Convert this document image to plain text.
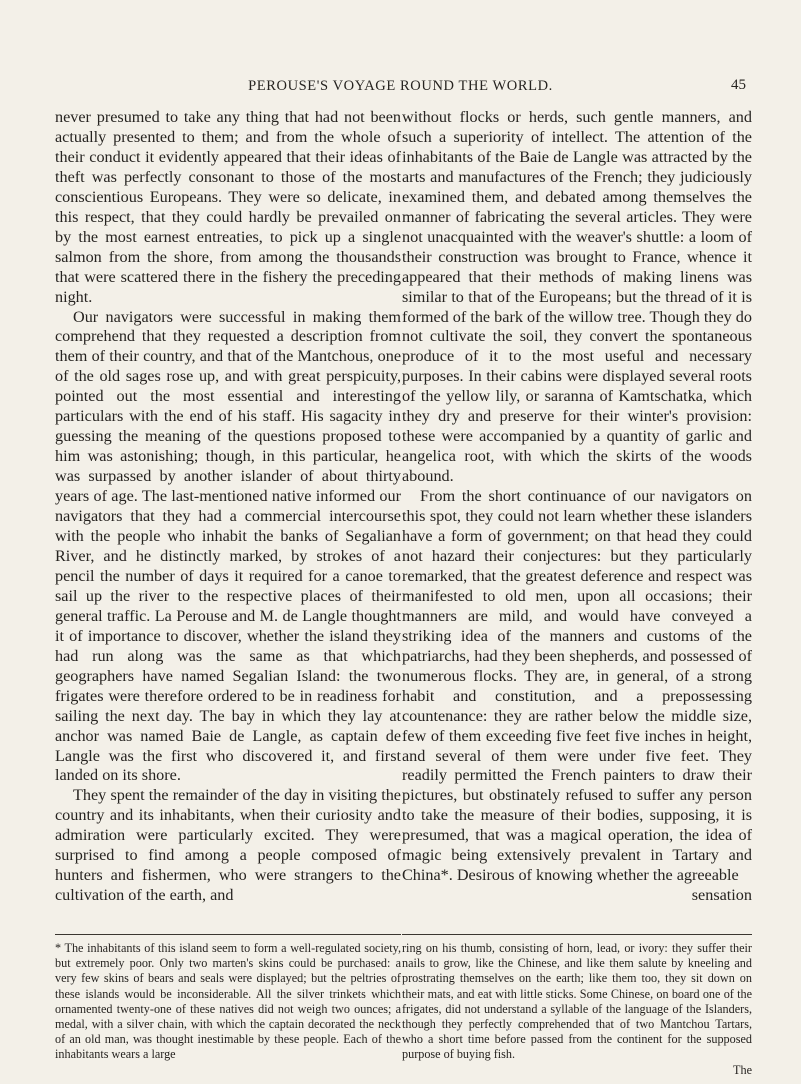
PEROUSE'S VOYAGE ROUND THE WORLD.	45

never presumed to take any thing that had not been actually presented to them; and from the whole of their conduct it evidently appeared that their ideas of theft was perfectly consonant to those of the most conscientious Europeans. They were so delicate, in this respect, that they could hardly be prevailed on by the most earnest entreaties, to pick up a single salmon from the shore, from among the thousands that were scattered there in the fishery the preceding night.

Our navigators were successful in making them comprehend that they requested a description from them of their country, and that of the Mantchous, one of the old sages rose up, and with great perspicuity, pointed out the most essential and interesting particulars with the end of his staff. His sagacity in guessing the meaning of the questions proposed to him was astonishing; though, in this particular, he was surpassed by another islander of about thirty years of age. The last-mentioned native informed our navigators that they had a commercial intercourse with the people who inhabit the banks of Segalian River, and he distinctly marked, by strokes of a pencil the number of days it required for a canoe to sail up the river to the respective places of their general traffic. La Perouse and M. de Langle thought it of importance to discover, whether the island they had run along was the same as that which geographers have named Segalian Island: the two frigates were therefore ordered to be in readiness for sailing the next day. The bay in which they lay at anchor was named Baie de Langle, as captain de Langle was the first who discovered it, and first landed on its shore.

They spent the remainder of the day in visiting the country and its inhabitants, when their curiosity and admiration were particularly excited. They were surprised to find among a people composed of hunters and fishermen, who were strangers to the cultivation of the earth, and

without flocks or herds, such gentle manners, and such a superiority of intellect. The attention of the inhabitants of the Baie de Langle was attracted by the arts and manufactures of the French; they judiciously examined them, and debated among themselves the manner of fabricating the several articles. They were not unacquainted with the weaver's shuttle: a loom of their construction was brought to France, whence it appeared that their methods of making linens was similar to that of the Europeans; but the thread of it is formed of the bark of the willow tree. Though they do not cultivate the soil, they convert the spontaneous produce of it to the most useful and necessary purposes. In their cabins were displayed several roots of the yellow lily, or saranna of Kamtschatka, which they dry and preserve for their winter's provision: these were accompanied by a quantity of garlic and angelica root, with which the skirts of the woods abound.

From the short continuance of our navigators on this spot, they could not learn whether these islanders have a form of government; on that head they could not hazard their conjectures: but they particularly remarked, that the greatest deference and respect was manifested to old men, upon all occasions; their manners are mild, and would have conveyed a striking idea of the manners and customs of the patriarchs, had they been shepherds, and possessed of numerous flocks. They are, in general, of a strong habit and constitution, and a prepossessing countenance: they are rather below the middle size, few of them exceeding five feet five inches in height, and several of them were under five feet. They readily permitted the French painters to draw their pictures, but obstinately refused to suffer any person to take the measure of their bodies, supposing, it is presumed, that was a magical operation, the idea of magic being extensively prevalent in Tartary and China*. Desirous of knowing whether the agreeable

sensation
* The inhabitants of this island seem to form a well-regulated society, but extremely poor. Only two marten's skins could be purchased: a very few skins of bears and seals were displayed; but the peltries of these islands would be inconsiderable. All the silver trinkets which ornamented twenty-one of these natives did not weigh two ounces; a medal, with a silver chain, with which the captain decorated the neck of an old man, was thought inestimable by these people. Each of the inhabitants wears a large
ring on his thumb, consisting of horn, lead, or ivory: they suffer their nails to grow, like the Chinese, and like them salute by kneeling and prostrating themselves on the earth; like them too, they sit down on their mats, and eat with little sticks. Some Chinese, on board one of the frigates, did not understand a syllable of the language of the Islanders, though they perfectly comprehended that of two Mantchou Tartars, who a short time before passed from the continent for the supposed purpose of buying fish.
The
